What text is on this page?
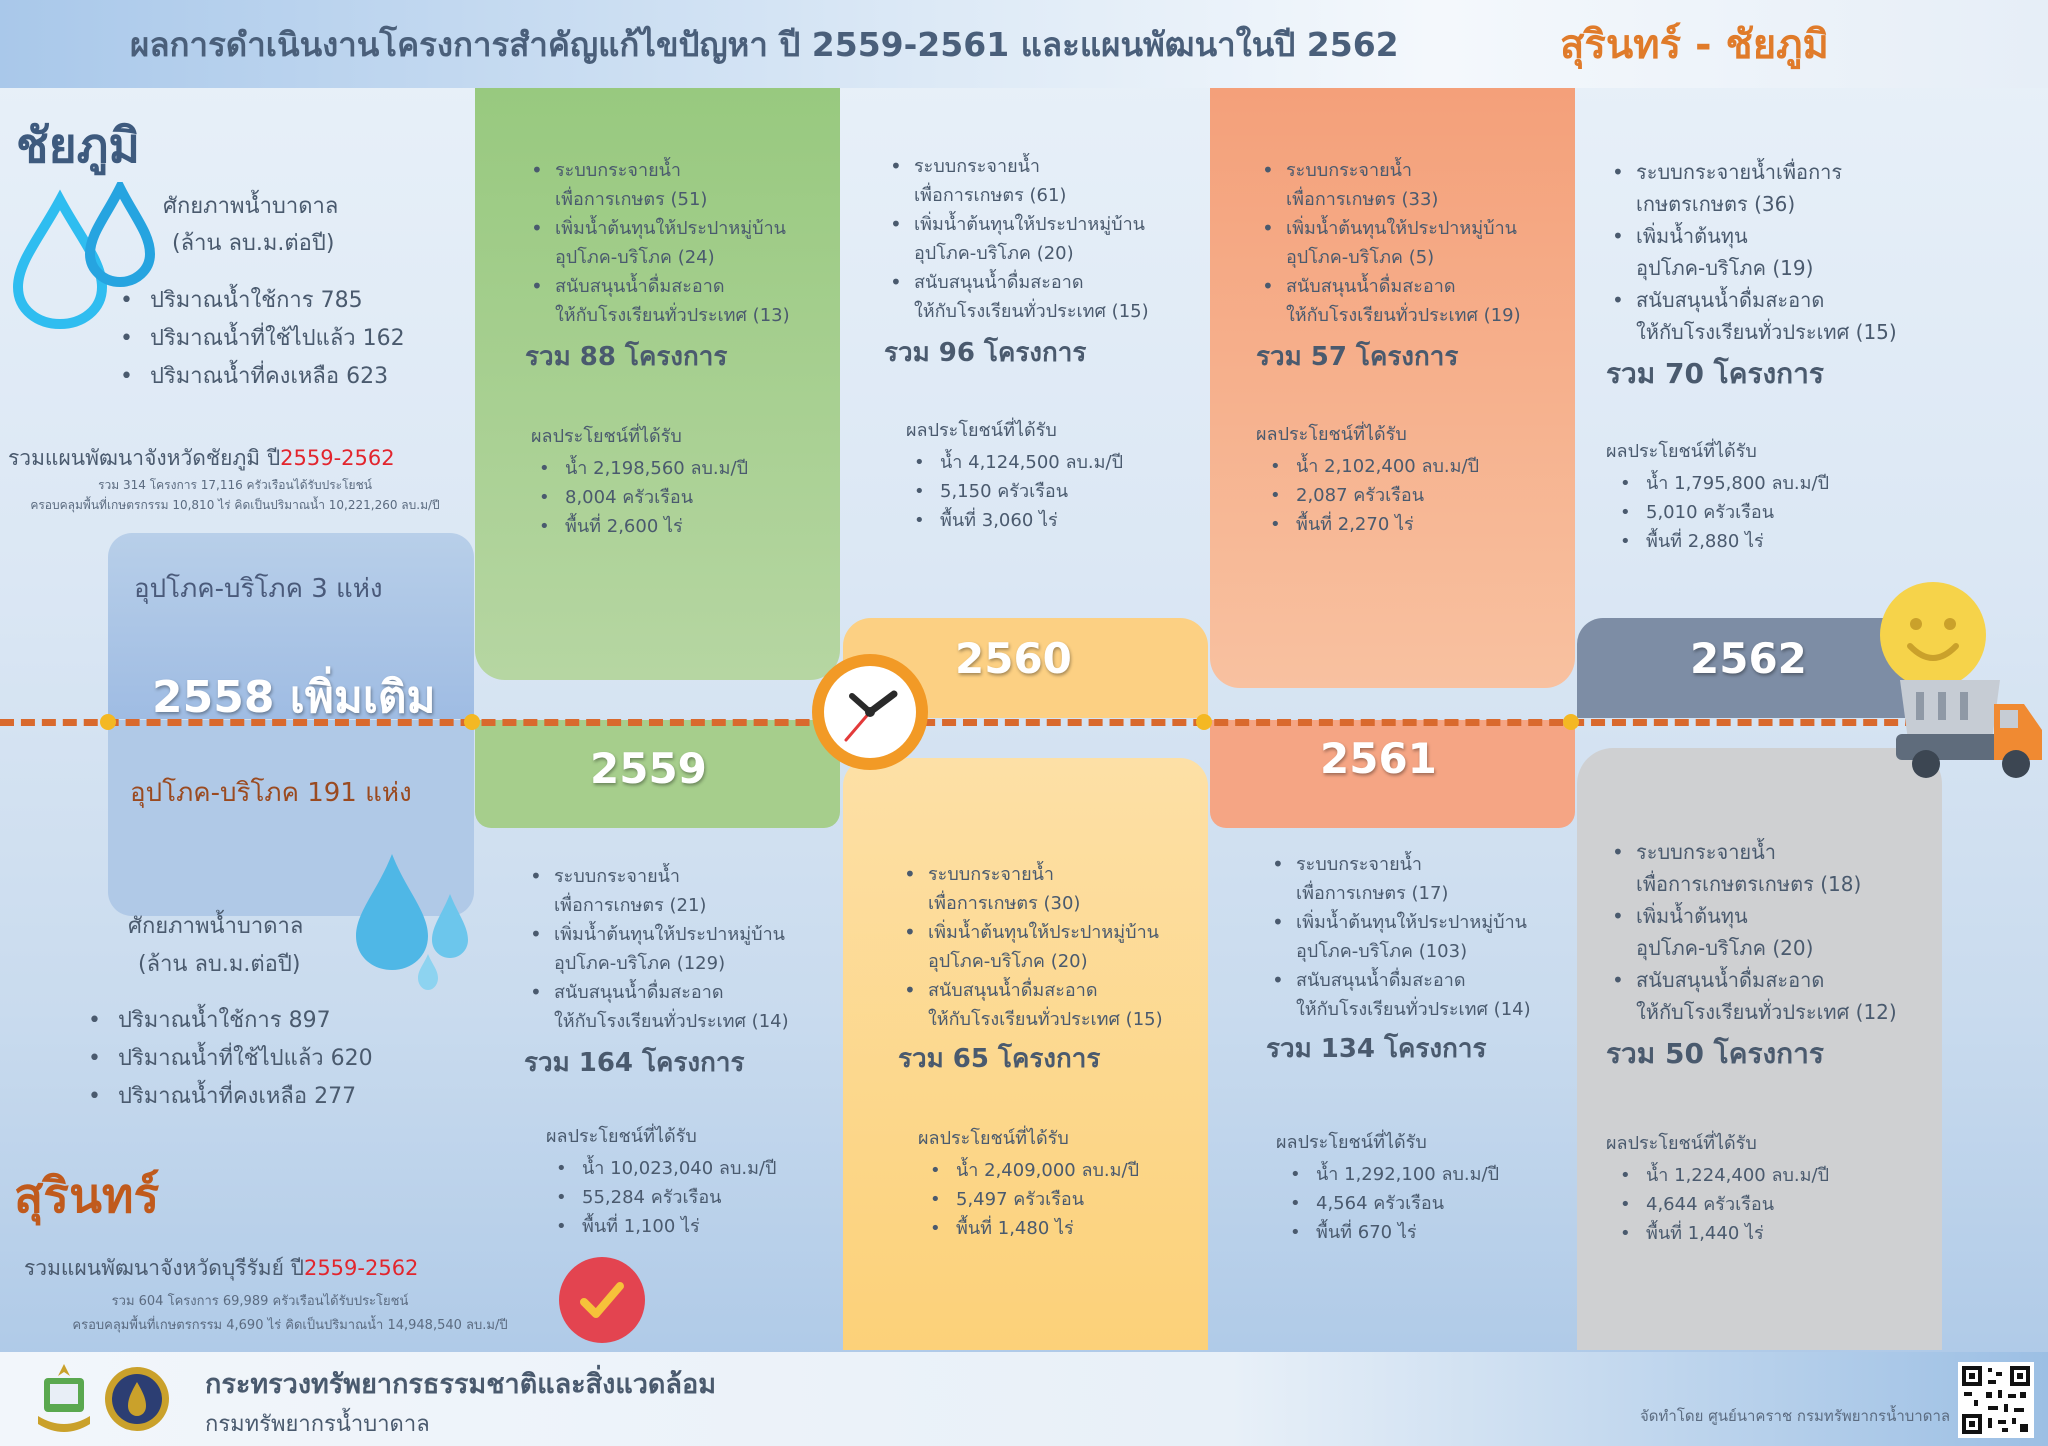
ผลการดำเนินงานโครงการสำคัญแก้ไขปัญหา ปี 2559-2561 และแผนพัฒนาในปี 2562	สุรินทร์ - ชัยภูมิ
2558 เพิ่มเติม
2559
2560
2561
2562
อุปโภค-บริโภค 3 แห่ง
อุปโภค-บริโภค 191 แห่ง
ชัยภูมิ
ศักยภาพน้ำบาดาล
(ล้าน ลบ.ม.ต่อปี)
• ปริมาณน้ำใช้การ 785
• ปริมาณน้ำที่ใช้ไปแล้ว 162
• ปริมาณน้ำที่คงเหลือ 623
รวมแผนพัฒนาจังหวัดชัยภูมิ ปี2559-2562
รวม 314 โครงการ 17,116 ครัวเรือนได้รับประโยชน์
ครอบคลุมพื้นที่เกษตรกรรม 10,810 ไร่ คิดเป็นปริมาณน้ำ 10,221,260 ลบ.ม/ปี
ศักยภาพน้ำบาดาล
(ล้าน ลบ.ม.ต่อปี)
• ปริมาณน้ำใช้การ 897
• ปริมาณน้ำที่ใช้ไปแล้ว 620
• ปริมาณน้ำที่คงเหลือ 277
สุรินทร์
รวมแผนพัฒนาจังหวัดบุรีรัมย์ ปี2559-2562
รวม 604 โครงการ 69,989 ครัวเรือนได้รับประโยชน์
ครอบคลุมพื้นที่เกษตรกรรม 4,690 ไร่ คิดเป็นปริมาณน้ำ 14,948,540 ลบ.ม/ปี
• ระบบกระจายน้ำ
เพื่อการเกษตร (51)
• เพิ่มน้ำต้นทุนให้ประปาหมู่บ้าน
อุปโภค-บริโภค (24)
• สนับสนุนน้ำดื่มสะอาด
ให้กับโรงเรียนทั่วประเทศ (13)
รวม 88 โครงการ
ผลประโยชน์ที่ได้รับ
• น้ำ 2,198,560 ลบ.ม/ปี
• 8,004 ครัวเรือน
• พื้นที่ 2,600 ไร่
• ระบบกระจายน้ำ
เพื่อการเกษตร (61)
• เพิ่มน้ำต้นทุนให้ประปาหมู่บ้าน
อุปโภค-บริโภค (20)
• สนับสนุนน้ำดื่มสะอาด
ให้กับโรงเรียนทั่วประเทศ (15)
รวม 96 โครงการ
ผลประโยชน์ที่ได้รับ
• น้ำ 4,124,500 ลบ.ม/ปี
• 5,150 ครัวเรือน
• พื้นที่ 3,060 ไร่
• ระบบกระจายน้ำ
เพื่อการเกษตร (33)
• เพิ่มน้ำต้นทุนให้ประปาหมู่บ้าน
อุปโภค-บริโภค (5)
• สนับสนุนน้ำดื่มสะอาด
ให้กับโรงเรียนทั่วประเทศ (19)
รวม 57 โครงการ
ผลประโยชน์ที่ได้รับ
• น้ำ 2,102,400 ลบ.ม/ปี
• 2,087 ครัวเรือน
• พื้นที่ 2,270 ไร่
• ระบบกระจายน้ำเพื่อการ
เกษตรเกษตร (36)
• เพิ่มน้ำต้นทุน
อุปโภค-บริโภค (19)
• สนับสนุนน้ำดื่มสะอาด
ให้กับโรงเรียนทั่วประเทศ (15)
รวม 70 โครงการ
ผลประโยชน์ที่ได้รับ
• น้ำ 1,795,800 ลบ.ม/ปี
• 5,010 ครัวเรือน
• พื้นที่ 2,880 ไร่
• ระบบกระจายน้ำ
เพื่อการเกษตร (21)
• เพิ่มน้ำต้นทุนให้ประปาหมู่บ้าน
อุปโภค-บริโภค (129)
• สนับสนุนน้ำดื่มสะอาด
ให้กับโรงเรียนทั่วประเทศ (14)
รวม 164 โครงการ
ผลประโยชน์ที่ได้รับ
• น้ำ 10,023,040 ลบ.ม/ปี
• 55,284 ครัวเรือน
• พื้นที่ 1,100 ไร่
• ระบบกระจายน้ำ
เพื่อการเกษตร (30)
• เพิ่มน้ำต้นทุนให้ประปาหมู่บ้าน
อุปโภค-บริโภค (20)
• สนับสนุนน้ำดื่มสะอาด
ให้กับโรงเรียนทั่วประเทศ (15)
รวม 65 โครงการ
ผลประโยชน์ที่ได้รับ
• น้ำ 2,409,000 ลบ.ม/ปี
• 5,497 ครัวเรือน
• พื้นที่ 1,480 ไร่
• ระบบกระจายน้ำ
เพื่อการเกษตร (17)
• เพิ่มน้ำต้นทุนให้ประปาหมู่บ้าน
อุปโภค-บริโภค (103)
• สนับสนุนน้ำดื่มสะอาด
ให้กับโรงเรียนทั่วประเทศ (14)
รวม 134 โครงการ
ผลประโยชน์ที่ได้รับ
• น้ำ 1,292,100 ลบ.ม/ปี
• 4,564 ครัวเรือน
• พื้นที่ 670 ไร่
• ระบบกระจายน้ำ
เพื่อการเกษตรเกษตร (18)
• เพิ่มน้ำต้นทุน
อุปโภค-บริโภค (20)
• สนับสนุนน้ำดื่มสะอาด
ให้กับโรงเรียนทั่วประเทศ (12)
รวม 50 โครงการ
ผลประโยชน์ที่ได้รับ
• น้ำ 1,224,400 ลบ.ม/ปี
• 4,644 ครัวเรือน
• พื้นที่ 1,440 ไร่
กระทรวงทรัพยากรธรรมชาติและสิ่งแวดล้อม
กรมทรัพยากรน้ำบาดาล	จัดทำโดย ศูนย์นาคราช กรมทรัพยากรน้ำบาดาล
